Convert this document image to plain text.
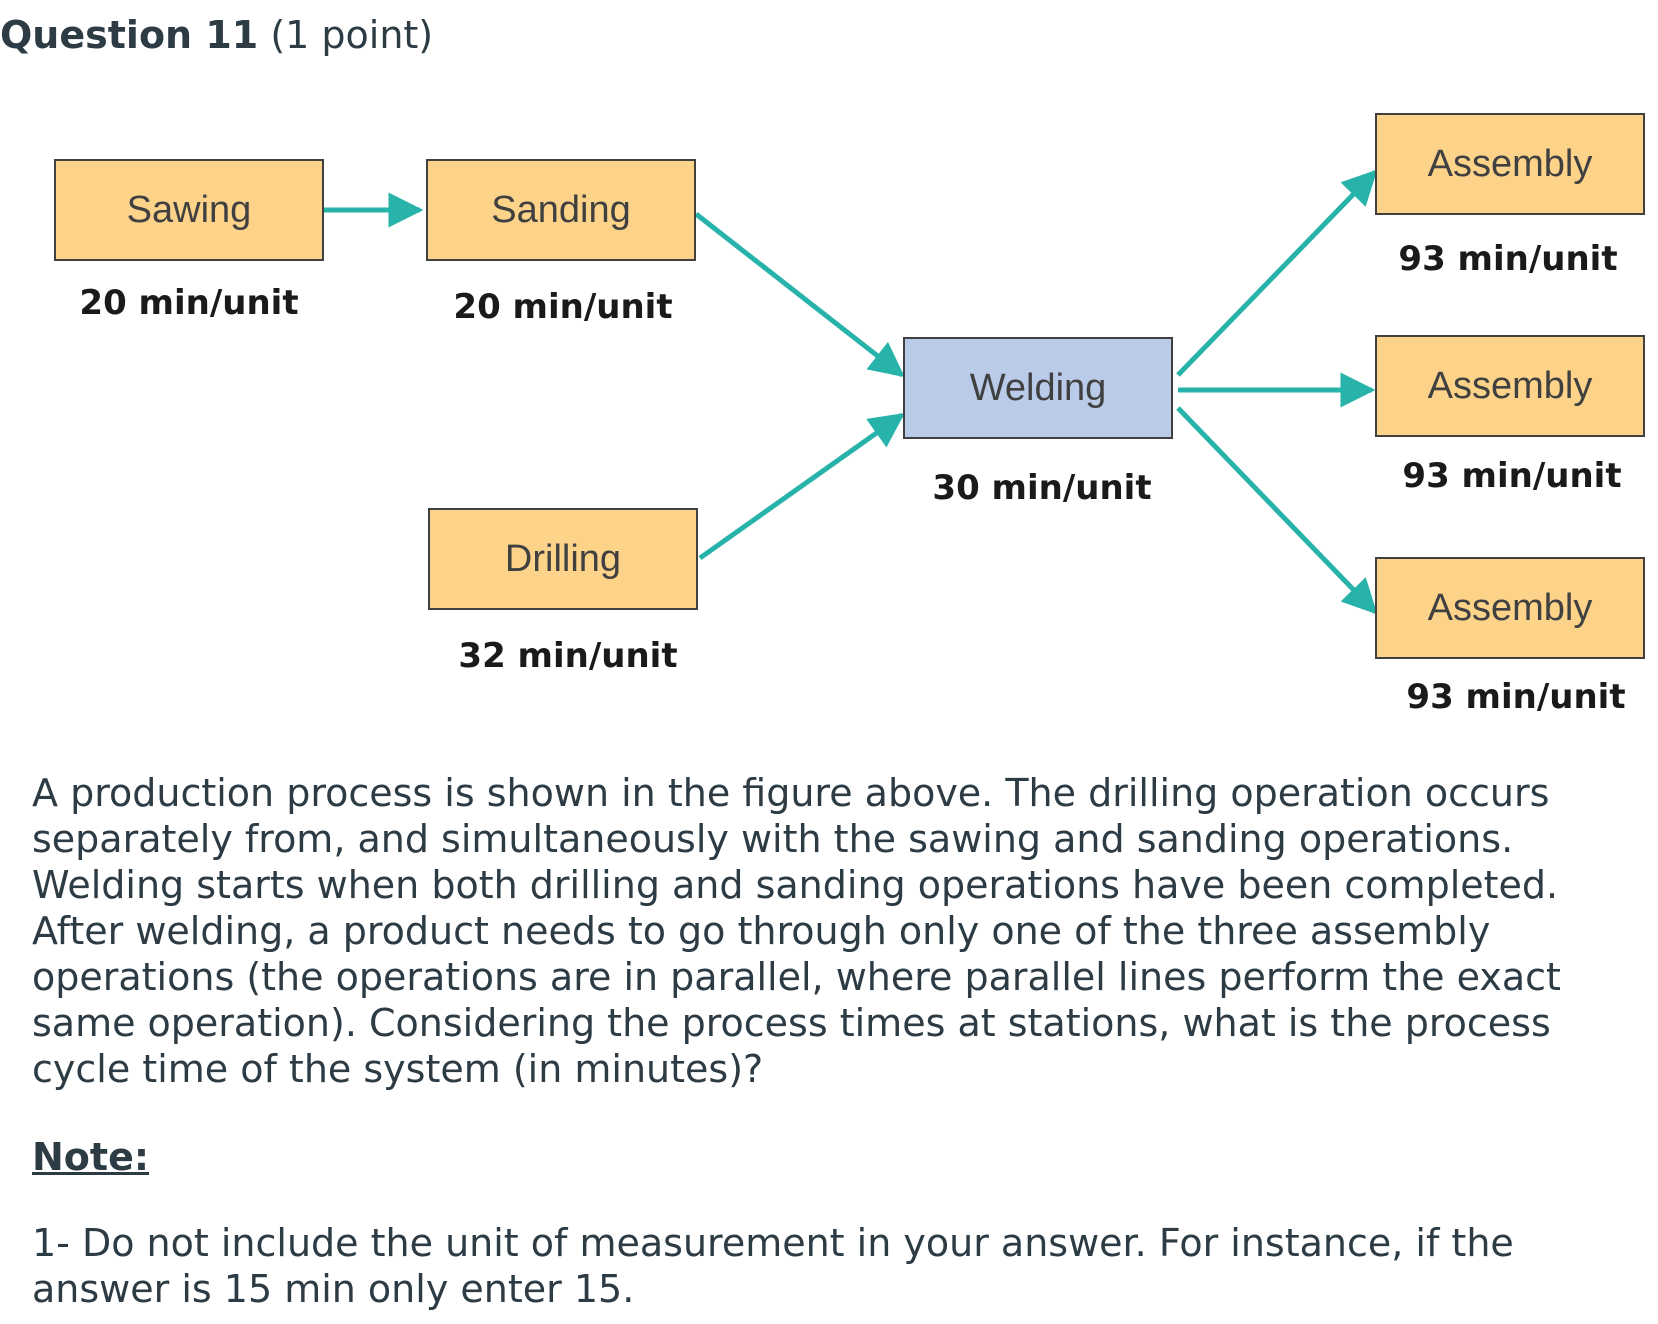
Question 11 (1 point)
Sawing
20 min/unit
Sanding
20 min/unit
Drilling
32 min/unit
Welding
30 min/unit
Assembly
93 min/unit
Assembly
93 min/unit
Assembly
93 min/unit

A production process is shown in the figure above. The drilling operation occurs separately from, and simultaneously with the sawing and sanding operations. Welding starts when both drilling and sanding operations have been completed. After welding, a product needs to go through only one of the three assembly operations (the operations are in parallel, where parallel lines perform the exact same operation). Considering the process times at stations, what is the process cycle time of the system (in minutes)?

Note:

1- Do not include the unit of measurement in your answer. For instance, if the answer is 15 min only enter 15.
